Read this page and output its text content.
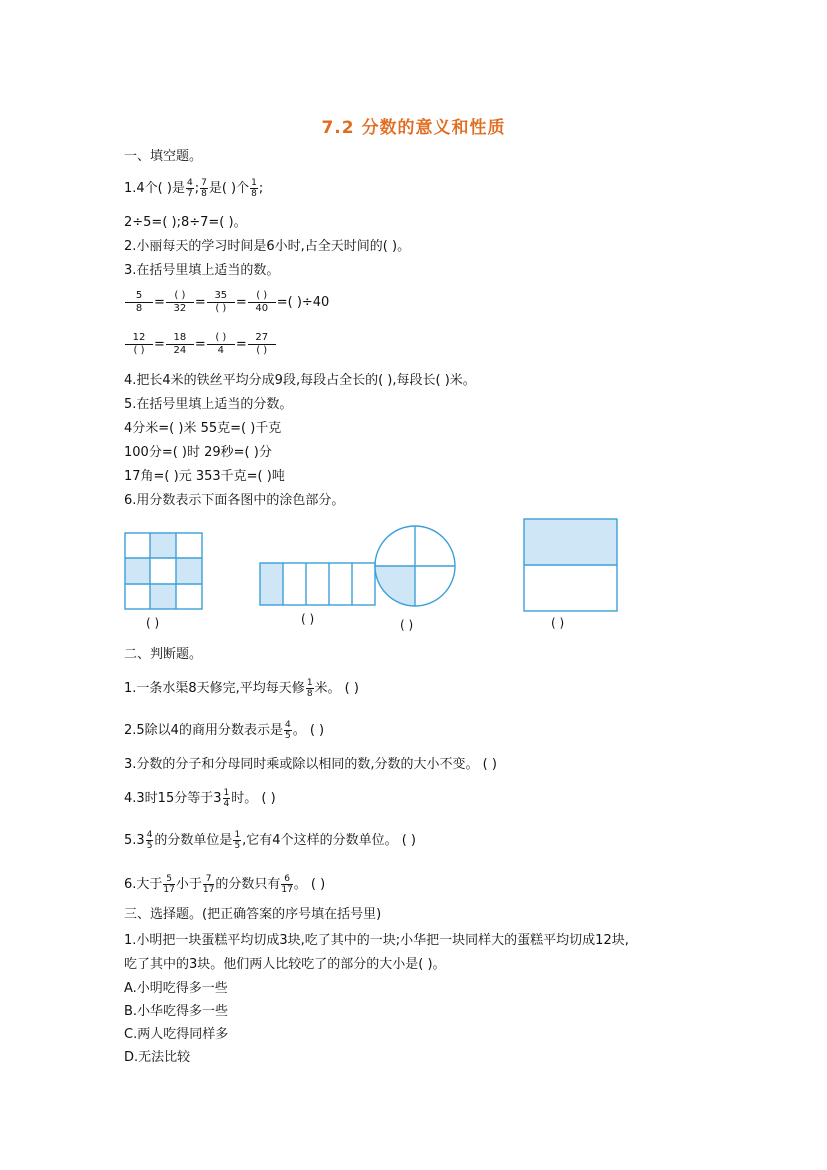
7.2 分数的意义和性质
一、填空题。
1.4个( )是 $\frac{4}{7}$ ; $\frac{7}{8}$ 是( )个 $\frac{1}{8}$ ;
2÷5=( );8÷7=( )。
2.小丽每天的学习时间是6小时,占全天时间的( )。
3.在括号里填上适当的数。
$\frac{5}{8} = \frac{( )}{32} = \frac{35}{( )} = \frac{( )}{40}$ =( )÷40
$\frac{12}{( )} = \frac{18}{24} = \frac{( )}{4} = \frac{27}{( )}$
4.把长4米的铁丝平均分成9段,每段占全长的( ),每段长( )米。
5.在括号里填上适当的分数。
4分米=( )米 55克=( )千克
100分=( )时 29秒=( )分
17角=( )元 353千克=( )吨
6.用分数表示下面各图中的涂色部分。
( )	( )	( )	( )
二、判断题。
1.一条水渠8天修完,平均每天修 $\frac{1}{8}$ 米。 ( )
2.5除以4的商用分数表示是 $\frac{4}{5}$ 。 ( )
3.分数的分子和分母同时乘或除以相同的数,分数的大小不变。 ( )
4.3时15分等于$3 \frac{1}{4}$ 时。 ( )
$5.3 \frac{4}{5}$ 的分数单位是 $\frac{1}{5}$ ,它有4个这样的分数单位。 ( )
6.大于 $\frac{5}{17}$ 小于 $\frac{7}{17}$ 的分数只有 $\frac{6}{17}$ 。 ( )
三、选择题。(把正确答案的序号填在括号里)
1.小明把一块蛋糕平均切成3块,吃了其中的一块;小华把一块同样大的蛋糕平均切成12块,
吃了其中的3块。他们两人比较吃了的部分的大小是( )。
A.小明吃得多一些
B.小华吃得多一些
C.两人吃得同样多
D.无法比较
